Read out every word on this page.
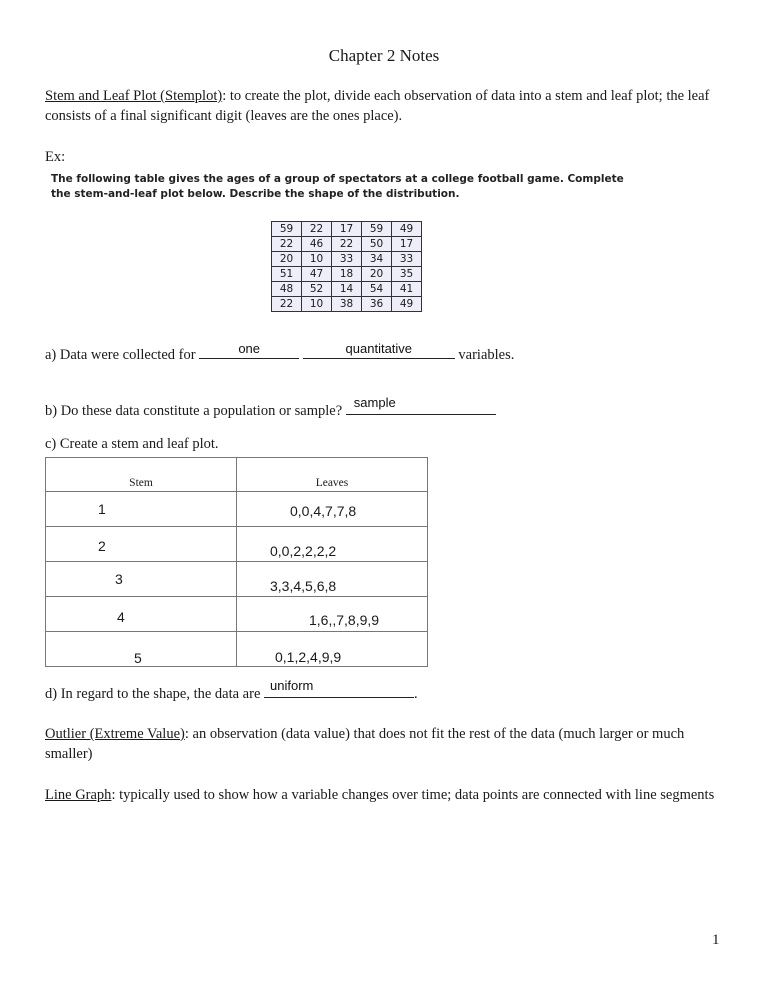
Chapter 2 Notes
Stem and Leaf Plot (Stemplot): to create the plot, divide each observation of data into a stem and leaf plot; the leaf consists of a final significant digit (leaves are the ones place).
Ex:
The following table gives the ages of a group of spectators at a college football game. Complete the stem-and-leaf plot below. Describe the shape of the distribution.
59	22	17	59	49
22	46	22	50	17
20	10	33	34	33
51	47	18	20	35
48	52	14	54	41
22	10	38	36	49
a) Data were collected for	one
	quantitative	variables.
b) Do these data constitute a population or sample?
sample
c) Create a stem and leaf plot.
Stem	Leaves

1	0,0,4,7,7,8

2	0,0,2,2,2,2

3	3,3,4,5,6,8

4	1,6,,7,8,9,9

5	0,1,2,4,9,9
d) In regard to the shape, the data are
uniform
.
Outlier (Extreme Value): an observation (data value) that does not fit the rest of the data (much larger or much smaller)
Line Graph: typically used to show how a variable changes over time; data points are connected with line segments
1
